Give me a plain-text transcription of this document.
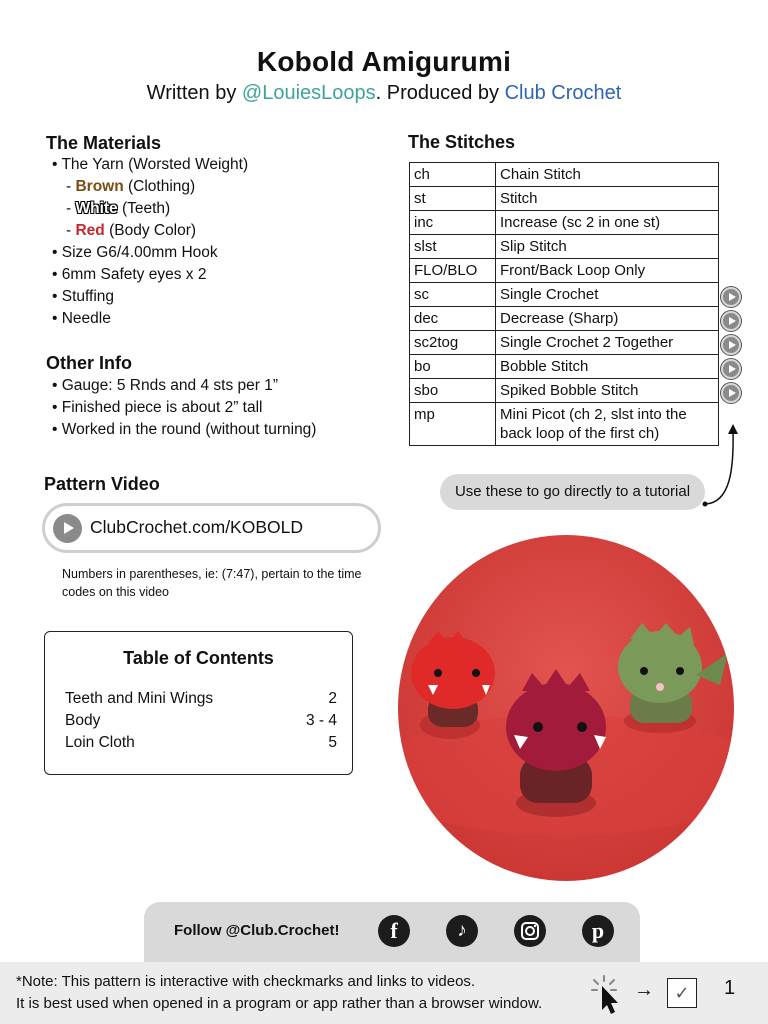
Kobold Amigurumi
Written by @LouiesLoops. Produced by Club Crochet
The Materials
• The Yarn (Worsted Weight)
- Brown (Clothing)
- White (Teeth)
- Red (Body Color)
• Size G6/4.00mm Hook
• 6mm Safety eyes x 2
• Stuffing
• Needle
Other Info
• Gauge: 5 Rnds and 4 sts per 1”
• Finished piece is about 2” tall
• Worked in the round (without turning)
The Stitches
ch	Chain Stitch
st	Stitch
inc	Increase (sc 2 in one st)
slst	Slip Stitch
FLO/BLO	Front/Back Loop Only
sc	Single Crochet
dec	Decrease (Sharp)
sc2tog	Single Crochet 2 Together
bo	Bobble Stitch
sbo	Spiked Bobble Stitch
mp	Mini Picot (ch 2, slst into the back loop of the first ch)
Use these to go directly to a tutorial
Pattern Video
ClubCrochet.com/KOBOLD
Numbers in parentheses, ie: (7:47), pertain to the time codes on this video
Table of Contents
Teeth and Mini Wings	2
Body	3 - 4
Loin Cloth	5
Follow @Club.Crochet!	f	♪	p
*Note: This pattern is interactive with checkmarks and links to videos.
It is best used when opened in a program or app rather than a browser window.
→	✓	1
